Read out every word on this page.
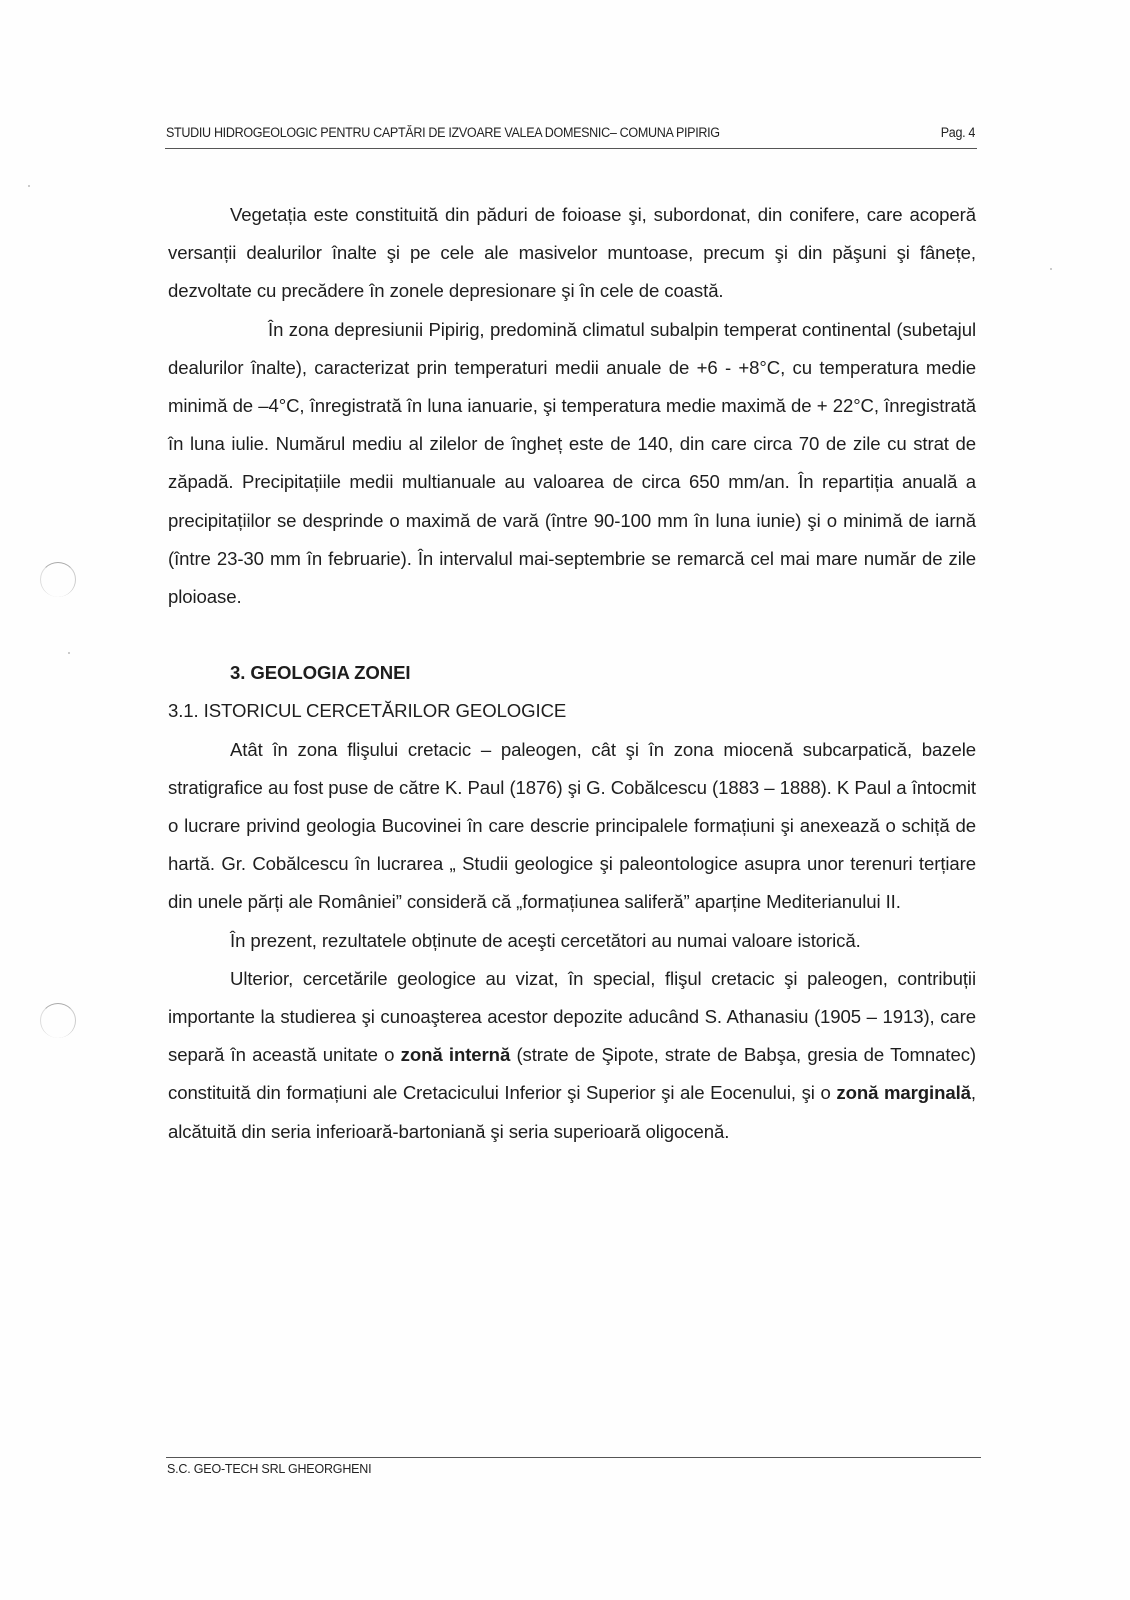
STUDIU HIDROGEOLOGIC PENTRU CAPTĂRI DE IZVOARE VALEA DOMESNIC– COMUNA PIPIRIG	Pag. 4

Vegetația este constituită din păduri de foioase şi, subordonat, din conifere, care acoperă versanții dealurilor înalte şi pe cele ale masivelor muntoase, precum şi din păşuni şi fânețe, dezvoltate cu precădere în zonele depresionare şi în cele de coastă.

În zona depresiunii Pipirig, predomină climatul subalpin temperat continental (subetajul dealurilor înalte), caracterizat prin temperaturi medii anuale de +6 - +8°C, cu temperatura medie minimă de –4°C, înregistrată în luna ianuarie, şi temperatura medie maximă de + 22°C, înregistrată în luna iulie. Numărul mediu al zilelor de îngheț este de 140, din care circa 70 de zile cu strat de zăpadă. Precipitațiile medii multianuale au valoarea de circa 650 mm/an. În repartiția anuală a precipitațiilor se desprinde o maximă de vară (între 90-100 mm în luna iunie) şi o minimă de iarnă (între 23-30 mm în februarie). În intervalul mai-septembrie se remarcă cel mai mare număr de zile ploioase.

3. GEOLOGIA ZONEI

3.1. ISTORICUL CERCETĂRILOR GEOLOGICE

Atât în zona flişului cretacic – paleogen, cât şi în zona miocenă subcarpatică, bazele stratigrafice au fost puse de către K. Paul (1876) şi G. Cobălcescu (1883 – 1888). K Paul a întocmit o lucrare privind geologia Bucovinei în care descrie principalele formațiuni şi anexează o schiță de hartă. Gr. Cobălcescu în lucrarea „ Studii geologice şi paleontologice asupra unor terenuri terțiare din unele părți ale României” consideră că „formațiunea saliferă” aparține Mediterianului II.

În prezent, rezultatele obținute de aceşti cercetători au numai valoare istorică.

Ulterior, cercetările geologice au vizat, în special, flişul cretacic şi paleogen, contribuții importante la studierea şi cunoaşterea acestor depozite aducând S. Athanasiu (1905 – 1913), care separă în această unitate o zonă internă (strate de Şipote, strate de Babşa, gresia de Tomnatec) constituită din formațiuni ale Cretacicului Inferior şi Superior şi ale Eocenului, şi o zonă marginală, alcătuită din seria inferioară-bartoniană şi seria superioară oligocenă.

S.C. GEO-TECH SRL GHEORGHENI
